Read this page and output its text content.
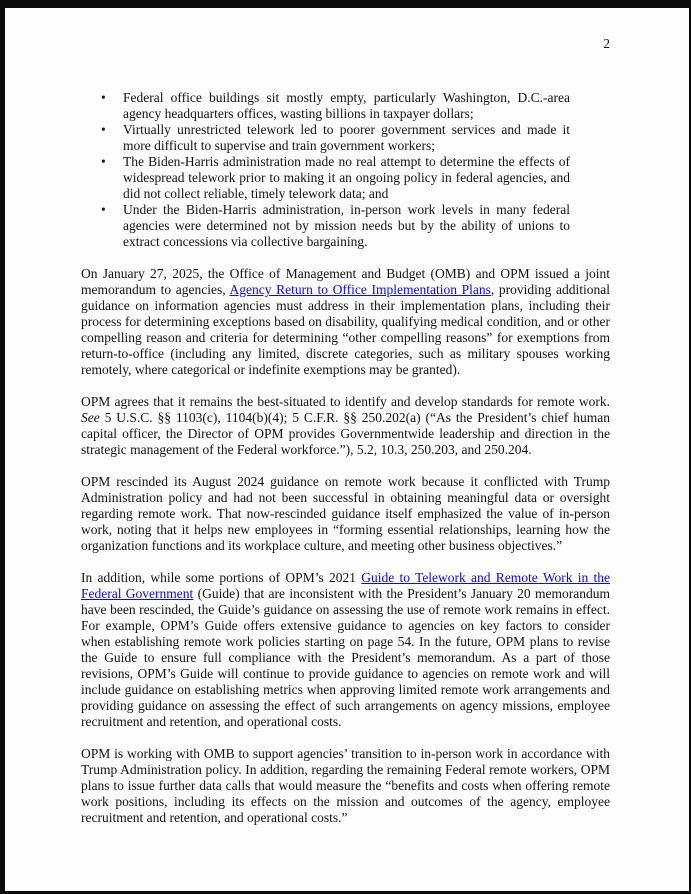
2
• Federal office buildings sit mostly empty, particularly Washington, D.C.-area agency headquarters offices, wasting billions in taxpayer dollars;
• Virtually unrestricted telework led to poorer government services and made it more difficult to supervise and train government workers;
• The Biden-Harris administration made no real attempt to determine the effects of widespread telework prior to making it an ongoing policy in federal agencies, and did not collect reliable, timely telework data; and
• Under the Biden-Harris administration, in-person work levels in many federal agencies were determined not by mission needs but by the ability of unions to extract concessions via collective bargaining.

On January 27, 2025, the Office of Management and Budget (OMB) and OPM issued a joint memorandum to agencies, Agency Return to Office Implementation Plans, providing additional guidance on information agencies must address in their implementation plans, including their process for determining exceptions based on disability, qualifying medical condition, and or other compelling reason and criteria for determining “other compelling reasons” for exemptions from return-to-office (including any limited, discrete categories, such as military spouses working remotely, where categorical or indefinite exemptions may be granted).

OPM agrees that it remains the best-situated to identify and develop standards for remote work. See 5 U.S.C. §§ 1103(c), 1104(b)(4); 5 C.F.R. §§ 250.202(a) (“As the President’s chief human capital officer, the Director of OPM provides Governmentwide leadership and direction in the strategic management of the Federal workforce.”), 5.2, 10.3, 250.203, and 250.204.

OPM rescinded its August 2024 guidance on remote work because it conflicted with Trump Administration policy and had not been successful in obtaining meaningful data or oversight regarding remote work. That now-rescinded guidance itself emphasized the value of in-person work, noting that it helps new employees in “forming essential relationships, learning how the organization functions and its workplace culture, and meeting other business objectives.”

In addition, while some portions of OPM’s 2021 Guide to Telework and Remote Work in the Federal Government (Guide) that are inconsistent with the President’s January 20 memorandum have been rescinded, the Guide’s guidance on assessing the use of remote work remains in effect. For example, OPM’s Guide offers extensive guidance to agencies on key factors to consider when establishing remote work policies starting on page 54. In the future, OPM plans to revise the Guide to ensure full compliance with the President’s memorandum. As a part of those revisions, OPM’s Guide will continue to provide guidance to agencies on remote work and will include guidance on establishing metrics when approving limited remote work arrangements and providing guidance on assessing the effect of such arrangements on agency missions, employee recruitment and retention, and operational costs.

OPM is working with OMB to support agencies’ transition to in-person work in accordance with Trump Administration policy. In addition, regarding the remaining Federal remote workers, OPM plans to issue further data calls that would measure the “benefits and costs when offering remote work positions, including its effects on the mission and outcomes of the agency, employee recruitment and retention, and operational costs.”
